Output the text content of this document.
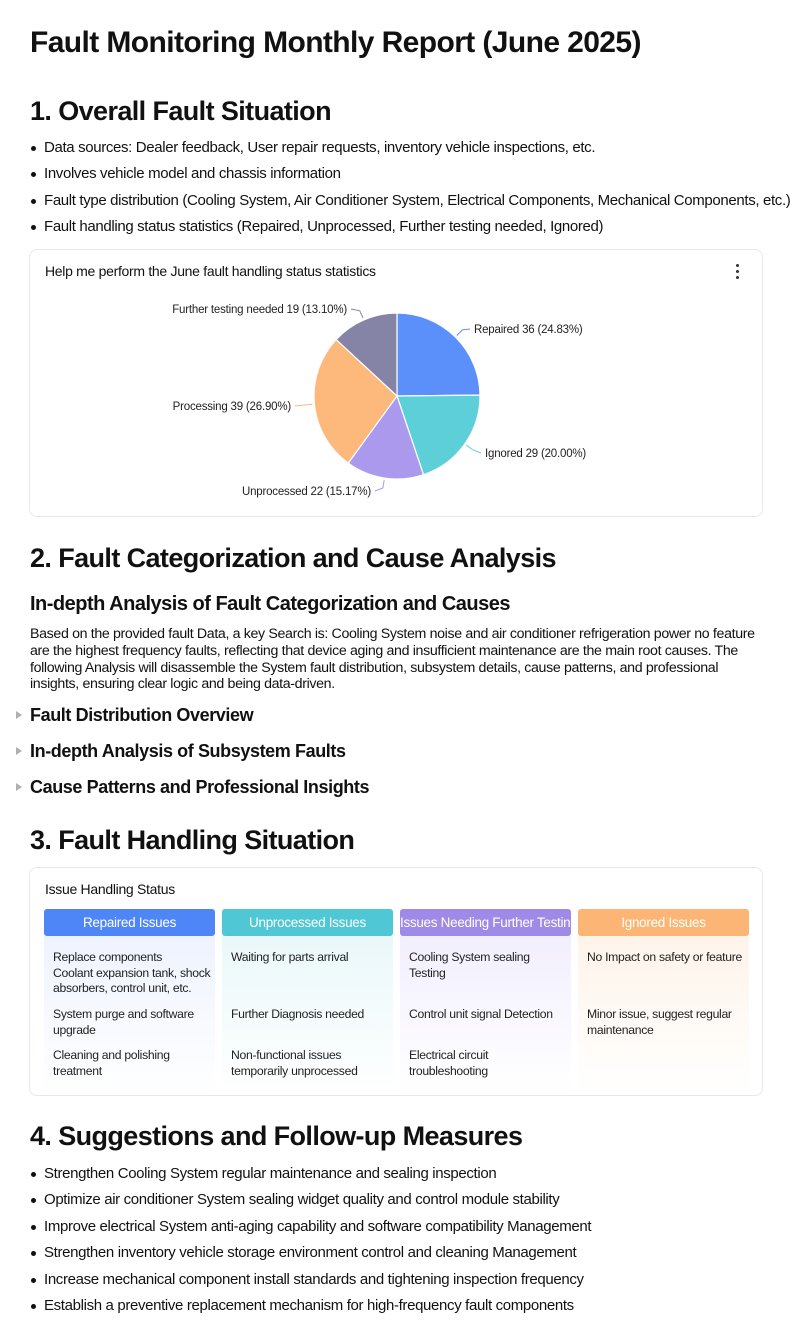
Fault Monitoring Monthly Report (June 2025)
1. Overall Fault Situation
Data sources: Dealer feedback, User repair requests, inventory vehicle inspections, etc.
Involves vehicle model and chassis information
Fault type distribution (Cooling System, Air Conditioner System, Electrical Components, Mechanical Components, etc.)
Fault handling status statistics (Repaired, Unprocessed, Further testing needed, Ignored)
Help me perform the June fault handling status statistics
Repaired 36 (24.83%)
Ignored 29 (20.00%)
Unprocessed 22 (15.17%)
Processing 39 (26.90%)
Further testing needed 19 (13.10%)
2. Fault Categorization and Cause Analysis
In-depth Analysis of Fault Categorization and Causes

Based on the provided fault Data, a key Search is: Cooling System noise and air conditioner refrigeration power no feature are the highest frequency faults, reflecting that device aging and insufficient maintenance are the main root causes. The following Analysis will disassemble the System fault distribution, subsystem details, cause patterns, and professional insights, ensuring clear logic and being data-driven.

Fault Distribution Overview
In-depth Analysis of Subsystem Faults
Cause Patterns and Professional Insights
3. Fault Handling Situation
Issue Handling Status
Repaired Issues
Replace components
Coolant expansion tank, shock absorbers, control unit, etc.
System purge and software upgrade
Cleaning and polishing treatment
Unprocessed Issues
Waiting for parts arrival
Further Diagnosis needed
Non-functional issues temporarily unprocessed
Issues Needing Further Testing
Cooling System sealing Testing
Control unit signal Detection
Electrical circuit troubleshooting
Ignored Issues
No Impact on safety or feature
Minor issue, suggest regular maintenance
4. Suggestions and Follow-up Measures
Strengthen Cooling System regular maintenance and sealing inspection
Optimize air conditioner System sealing widget quality and control module stability
Improve electrical System anti-aging capability and software compatibility Management
Strengthen inventory vehicle storage environment control and cleaning Management
Increase mechanical component install standards and tightening inspection frequency
Establish a preventive replacement mechanism for high-frequency fault components
